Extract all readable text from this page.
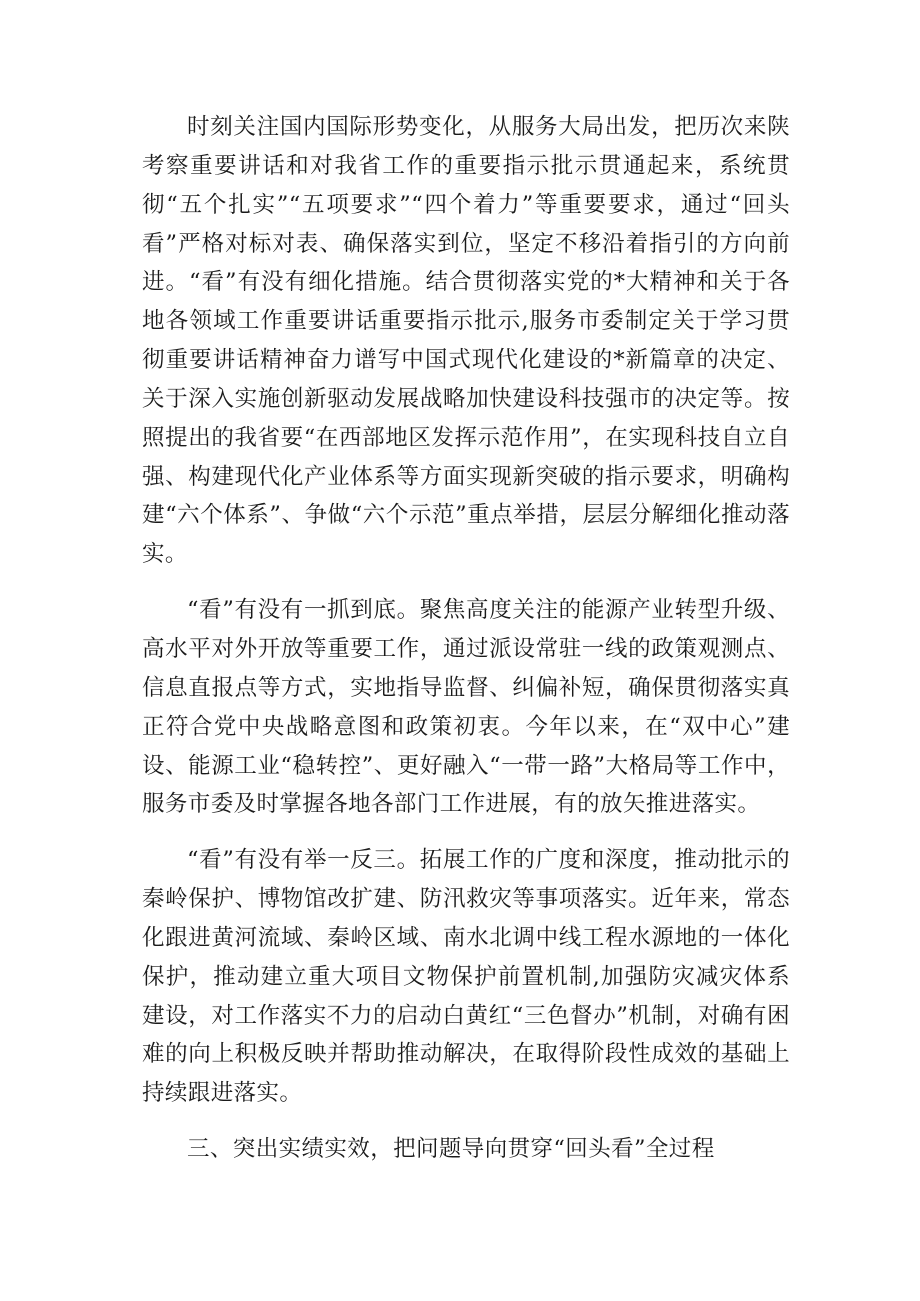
时刻关注国内国际形势变化，从服务大局出发，把历次来陕考察重要讲话和对我省工作的重要指示批示贯通起来，系统贯彻“五个扎实”“五项要求”“四个着力”等重要要求，通过“回头看”严格对标对表、确保落实到位，坚定不移沿着指引的方向前进。“看”有没有细化措施。结合贯彻落实党的*大精神和关于各地各领域工作重要讲话重要指示批示,服务市委制定关于学习贯彻重要讲话精神奋力谱写中国式现代化建设的*新篇章的决定、关于深入实施创新驱动发展战略加快建设科技强市的决定等。按照提出的我省要“在西部地区发挥示范作用”，在实现科技自立自强、构建现代化产业体系等方面实现新突破的指示要求，明确构建“六个体系”、争做“六个示范”重点举措，层层分解细化推动落实。

“看”有没有一抓到底。聚焦高度关注的能源产业转型升级、高水平对外开放等重要工作，通过派设常驻一线的政策观测点、信息直报点等方式，实地指导监督、纠偏补短，确保贯彻落实真正符合党中央战略意图和政策初衷。今年以来，在“双中心”建设、能源工业“稳转控”、更好融入“一带一路”大格局等工作中，服务市委及时掌握各地各部门工作进展，有的放矢推进落实。

“看”有没有举一反三。拓展工作的广度和深度，推动批示的秦岭保护、博物馆改扩建、防汛救灾等事项落实。近年来，常态化跟进黄河流域、秦岭区域、南水北调中线工程水源地的一体化保护，推动建立重大项目文物保护前置机制,加强防灾减灾体系建设，对工作落实不力的启动白黄红“三色督办”机制，对确有困难的向上积极反映并帮助推动解决，在取得阶段性成效的基础上持续跟进落实。

三、突出实绩实效，把问题导向贯穿“回头看”全过程
